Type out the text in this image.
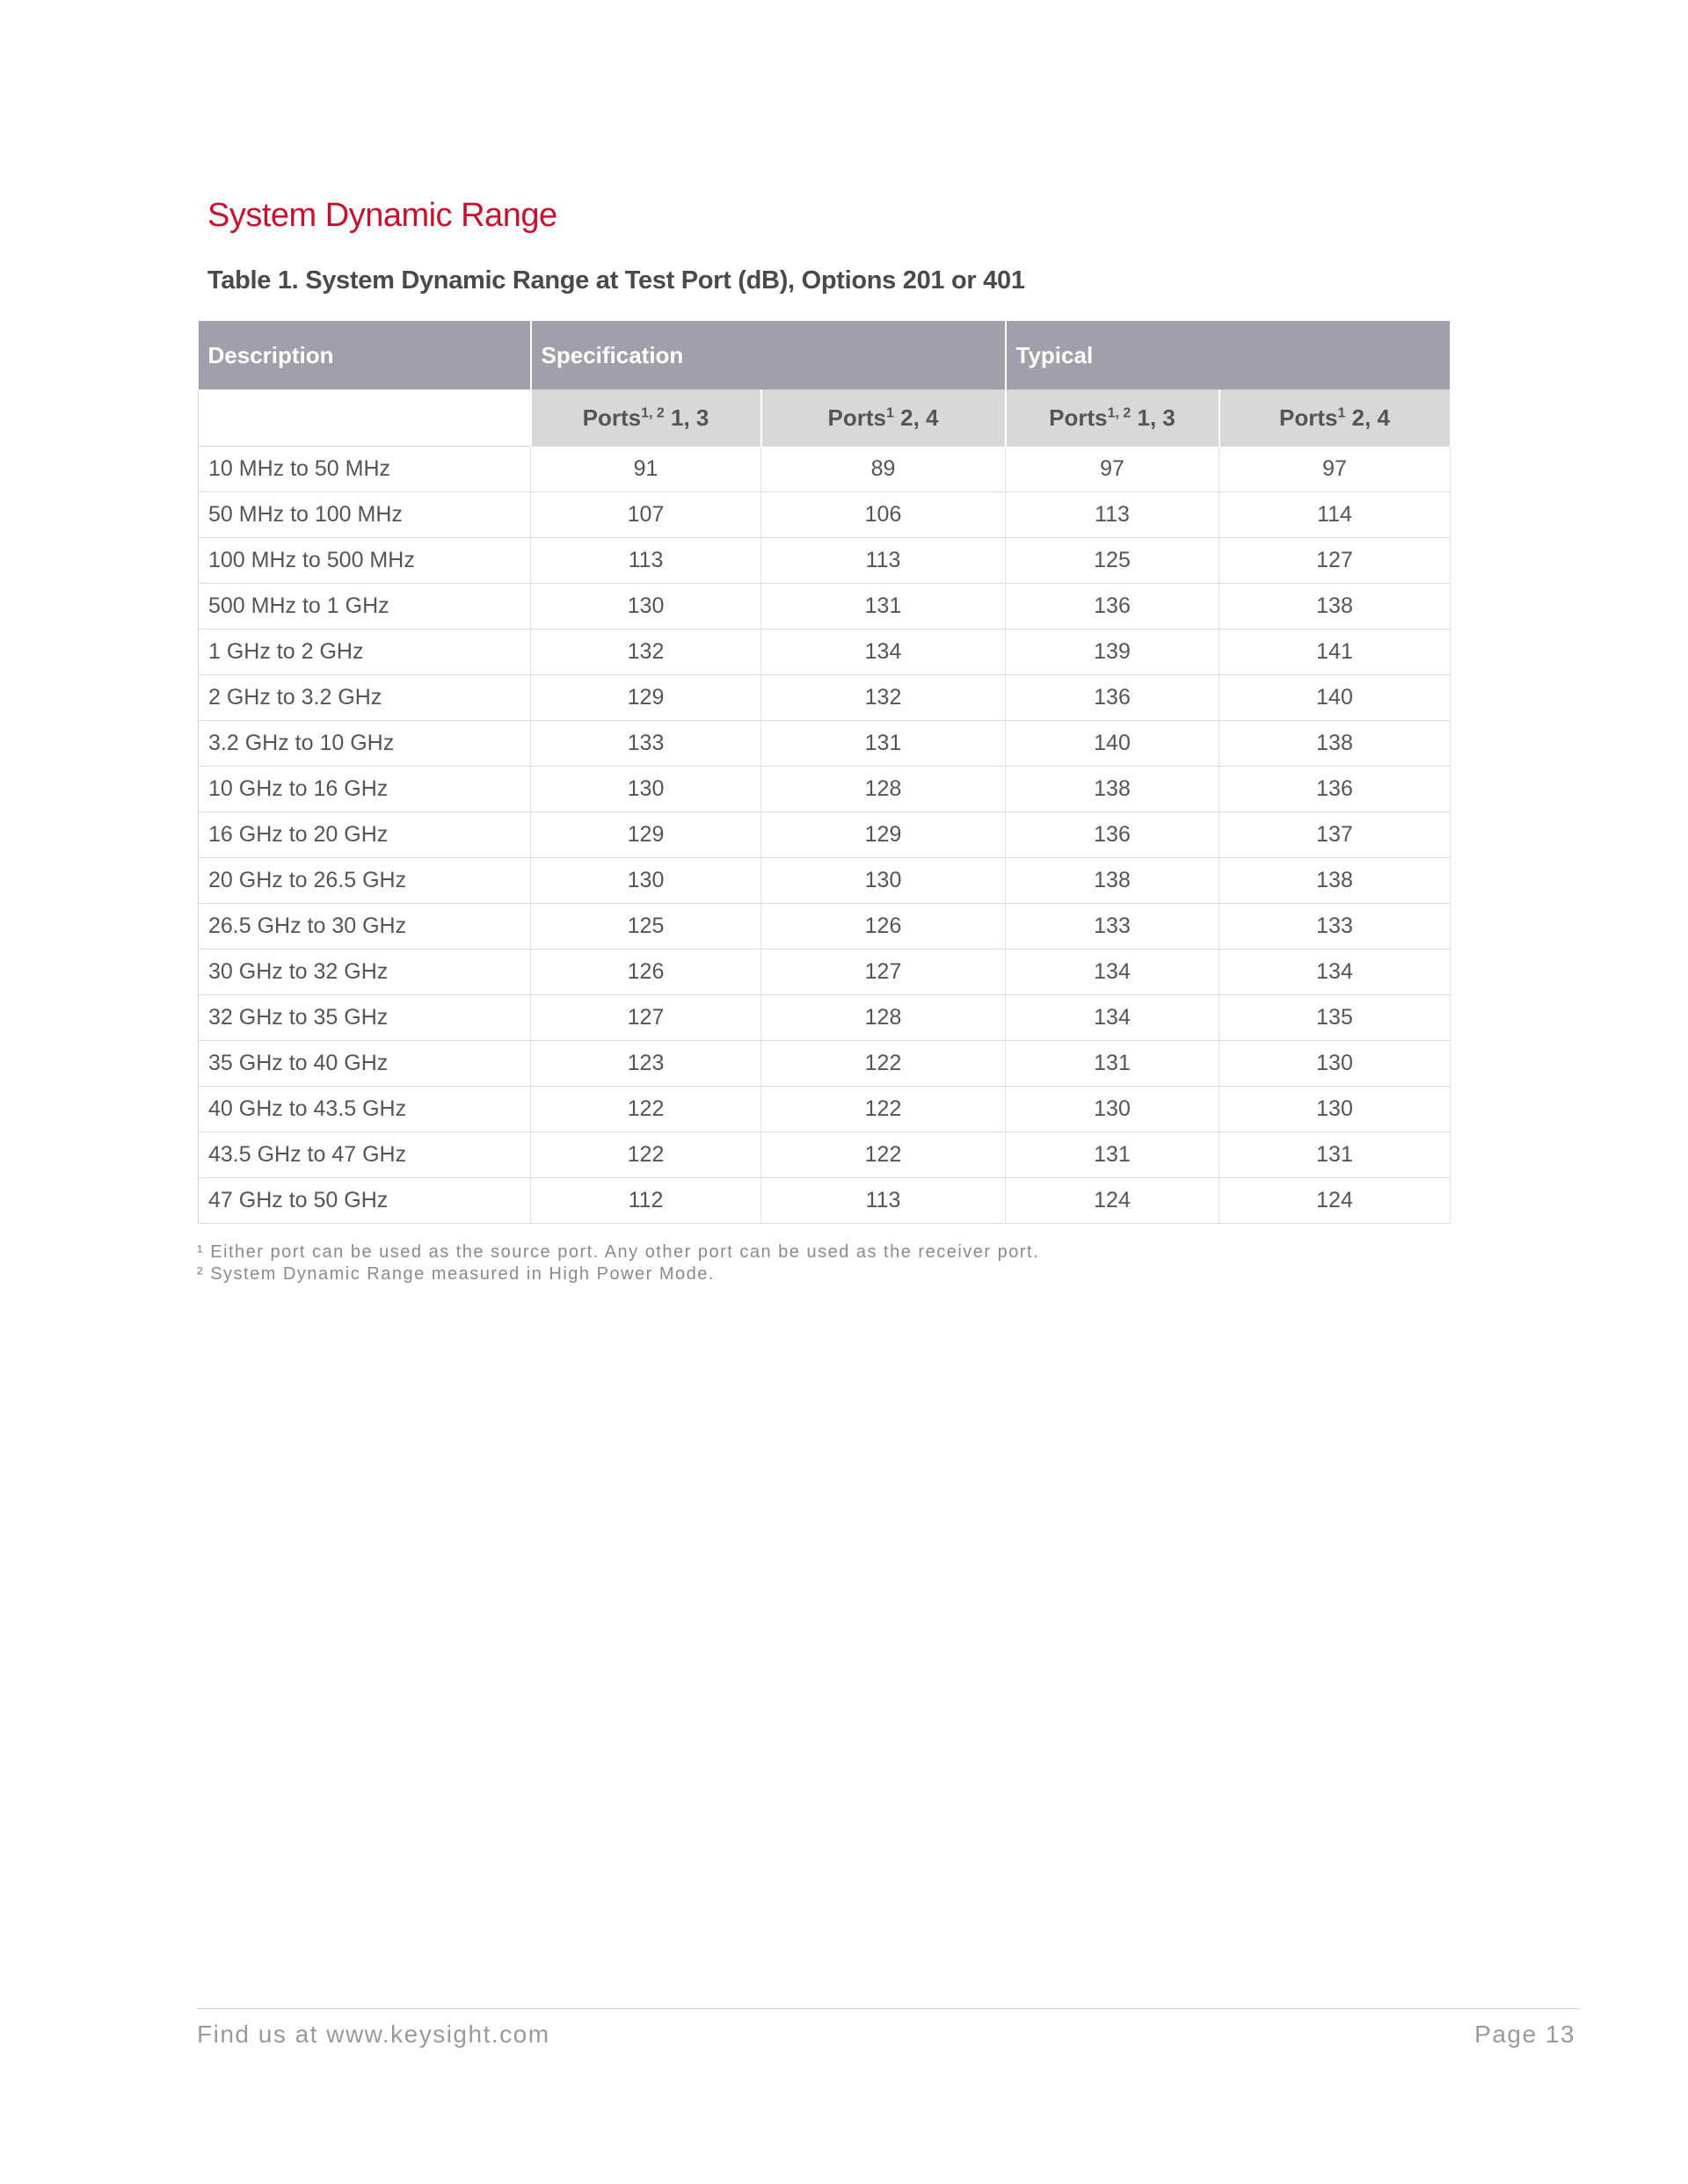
System Dynamic Range
Table 1. System Dynamic Range at Test Port (dB), Options 201 or 401
Description	Specification		Typical	
	Ports$^{1, 2}$ 1, 3	Ports$^1$ 2, 4	Ports$^{1, 2}$ 1, 3	Ports$^1$ 2, 4
10 MHz to 50 MHz	91	89	97	97
50 MHz to 100 MHz	107	106	113	114
100 MHz to 500 MHz	113	113	125	127
500 MHz to 1 GHz	130	131	136	138
1 GHz to 2 GHz	132	134	139	141
2 GHz to 3.2 GHz	129	132	136	140
3.2 GHz to 10 GHz	133	131	140	138
10 GHz to 16 GHz	130	128	138	136
16 GHz to 20 GHz	129	129	136	137
20 GHz to 26.5 GHz	130	130	138	138
26.5 GHz to 30 GHz	125	126	133	133
30 GHz to 32 GHz	126	127	134	134
32 GHz to 35 GHz	127	128	134	135
35 GHz to 40 GHz	123	122	131	130
40 GHz to 43.5 GHz	122	122	130	130
43.5 GHz to 47 GHz	122	122	131	131
47 GHz to 50 GHz	112	113	124	124
¹ Either port can be used as the source port. Any other port can be used as the receiver port.
² System Dynamic Range measured in High Power Mode.
Find us at www.keysight.com	Page 13
